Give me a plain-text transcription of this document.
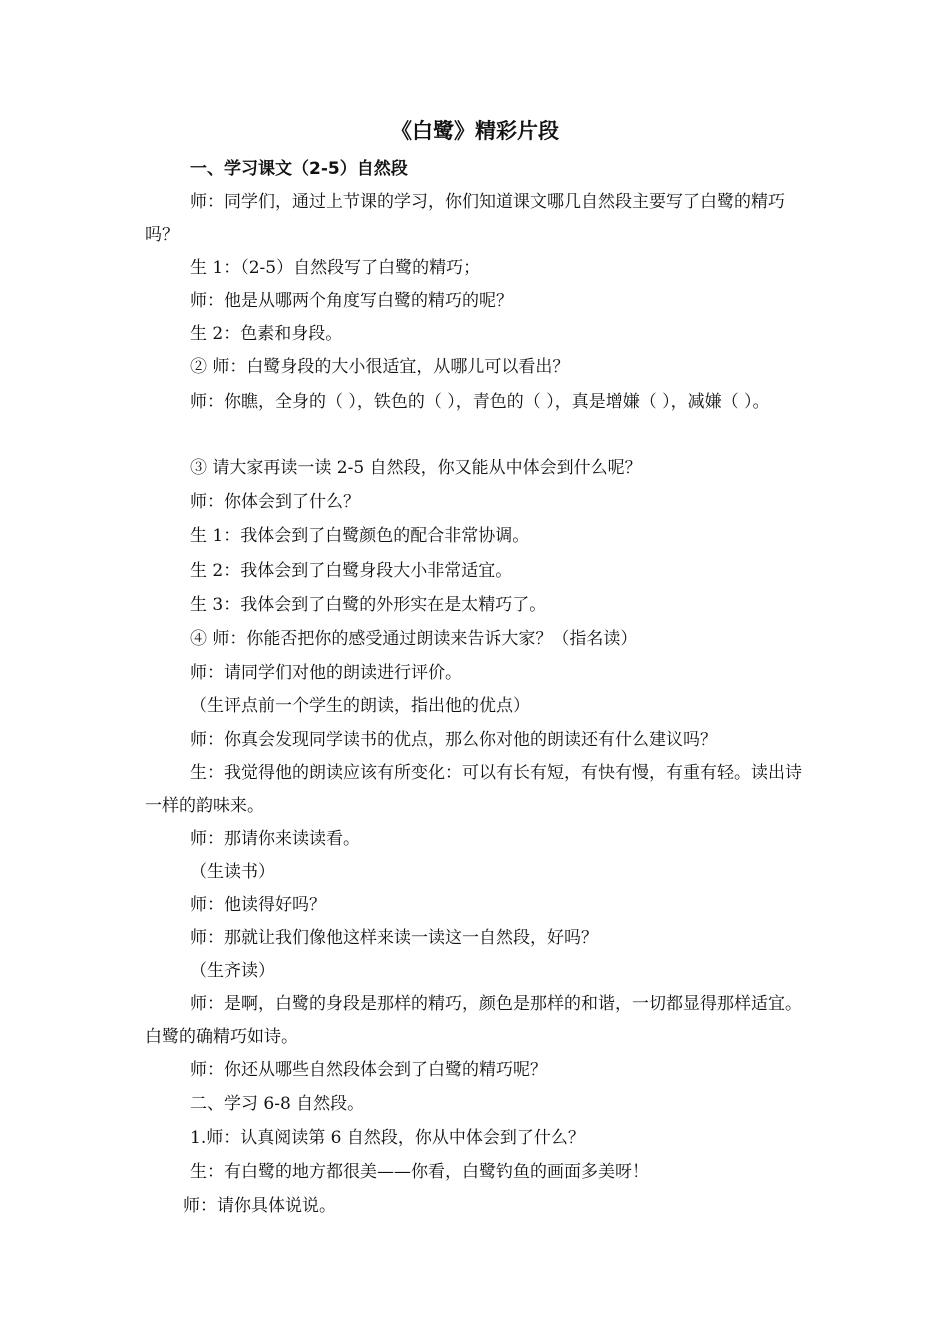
《白鹭》精彩片段
一、学习课文（2-5）自然段
师：同学们，通过上节课的学习，你们知道课文哪几自然段主要写了白鹭的精巧吗？
生 1：（2-5）自然段写了白鹭的精巧；
师：他是从哪两个角度写白鹭的精巧的呢？
生 2：色素和身段。
② 师：白鹭身段的大小很适宜，从哪儿可以看出？
师：你瞧，全身的（ ），铁色的（ ），青色的（ ），真是增嫌（ ），减嫌（ ）。
③ 请大家再读一读 2-5 自然段，你又能从中体会到什么呢？
师：你体会到了什么？
生 1：我体会到了白鹭颜色的配合非常协调。
生 2：我体会到了白鹭身段大小非常适宜。
生 3：我体会到了白鹭的外形实在是太精巧了。
④ 师：你能否把你的感受通过朗读来告诉大家？（指名读）
师：请同学们对他的朗读进行评价。
（生评点前一个学生的朗读，指出他的优点）
师：你真会发现同学读书的优点，那么你对他的朗读还有什么建议吗？
生：我觉得他的朗读应该有所变化：可以有长有短，有快有慢，有重有轻。读出诗一样的韵味来。
师：那请你来读读看。
（生读书）
师：他读得好吗？
师：那就让我们像他这样来读一读这一自然段，好吗？
（生齐读）
师：是啊，白鹭的身段是那样的精巧，颜色是那样的和谐，一切都显得那样适宜。白鹭的确精巧如诗。
师：你还从哪些自然段体会到了白鹭的精巧呢？
二、学习 6-8 自然段。
1.师：认真阅读第 6 自然段，你从中体会到了什么？
生：有白鹭的地方都很美——你看，白鹭钓鱼的画面多美呀！
师：请你具体说说。
